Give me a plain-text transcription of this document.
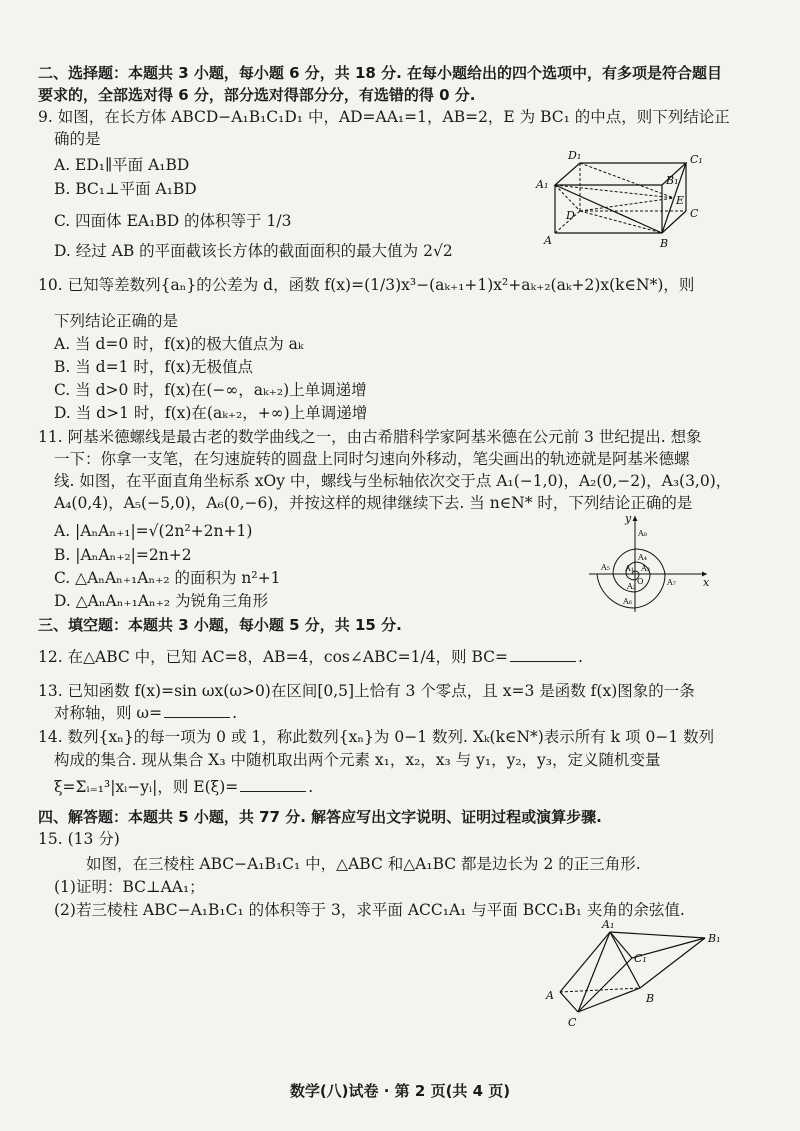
二、选择题：本题共 3 小题，每小题 6 分，共 18 分. 在每小题给出的四个选项中，有多项是符合题目
要求的，全部选对得 6 分，部分选对得部分分，有选错的得 0 分.
9. 如图，在长方体 ABCD−A₁B₁C₁D₁ 中，AD=AA₁=1，AB=2，E 为 BC₁ 的中点，则下列结论正
确的是
A. ED₁∥平面 A₁BD
B. BC₁⊥平面 A₁BD
C. 四面体 EA₁BD 的体积等于 1/3
D. 经过 AB 的平面截该长方体的截面面积的最大值为 2√2
D₁	C₁
A₁	B₁
E
D	C
A	B
10. 已知等差数列{aₙ}的公差为 d，函数 f(x)=(1/3)x³−(aₖ₊₁+1)x²+aₖ₊₂(aₖ+2)x(k∈N*)，则
下列结论正确的是
A. 当 d=0 时，f(x)的极大值点为 aₖ
B. 当 d=1 时，f(x)无极值点
C. 当 d>0 时，f(x)在(−∞，aₖ₊₂)上单调递增
D. 当 d>1 时，f(x)在(aₖ₊₂，+∞)上单调递增
11. 阿基米德螺线是最古老的数学曲线之一，由古希腊科学家阿基米德在公元前 3 世纪提出. 想象
一下：你拿一支笔，在匀速旋转的圆盘上同时匀速向外移动，笔尖画出的轨迹就是阿基米德螺
线. 如图，在平面直角坐标系 xOy 中，螺线与坐标轴依次交于点 A₁(−1,0)，A₂(0,−2)，A₃(3,0)，
A₄(0,4)，A₅(−5,0)，A₆(0,−6)，并按这样的规律继续下去. 当 n∈N* 时，下列结论正确的是
A. |AₙAₙ₊₁|=√(2n²+2n+1)
B. |AₙAₙ₊₂|=2n+2
C. △AₙAₙ₊₁Aₙ₊₂ 的面积为 n²+1
D. △AₙAₙ₊₁Aₙ₊₂ 为锐角三角形
y
x
O
A₁
A₂
A₃
A₄
A₅
A₆
A₇
A₈
三、填空题：本题共 3 小题，每小题 5 分，共 15 分.
12. 在△ABC 中，已知 AC=8，AB=4，cos∠ABC=1/4，则 BC=	.
13. 已知函数 f(x)=sin ωx(ω>0)在区间[0,5]上恰有 3 个零点，且 x=3 是函数 f(x)图象的一条
对称轴，则 ω=	.
14. 数列{xₙ}的每一项为 0 或 1，称此数列{xₙ}为 0−1 数列. Xₖ(k∈N*)表示所有 k 项 0−1 数列
构成的集合. 现从集合 X₃ 中随机取出两个元素 x₁，x₂，x₃ 与 y₁，y₂，y₃，定义随机变量
ξ=Σᵢ₌₁³|xᵢ−yᵢ|，则 E(ξ)=	.
四、解答题：本题共 5 小题，共 77 分. 解答应写出文字说明、证明过程或演算步骤.
15. (13 分)
如图，在三棱柱 ABC−A₁B₁C₁ 中，△ABC 和△A₁BC 都是边长为 2 的正三角形.
(1)证明：BC⊥AA₁；
(2)若三棱柱 ABC−A₁B₁C₁ 的体积等于 3，求平面 ACC₁A₁ 与平面 BCC₁B₁ 夹角的余弦值.
A₁
B₁
C₁
A	B
C
数学(八)试卷 · 第 2 页(共 4 页)
